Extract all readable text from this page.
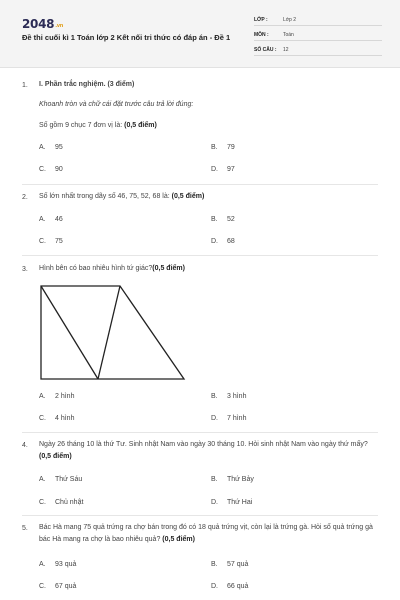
2048.vn
Đề thi cuối kì 1 Toán lớp 2 Kết nối tri thức có đáp án - Đề 1
LỚP :	Lớp 2
MÔN :	Toán
SỐ CÂU : 12
1. I. Phần trắc nghiệm. (3 điểm)
Khoanh tròn và chữ cái đặt trước câu trả lời đúng:
Số gồm 9 chục 7 đơn vị là: (0,5 điểm)
A. 95	B. 79
C. 90	D. 97
2. Số lớn nhất trong dãy số 46, 75, 52, 68 là: (0,5 điểm)
A. 46	B. 52
C. 75	D. 68
3. Hình bên có bao nhiêu hình tứ giác?(0,5 điểm)
A. 2 hình	B. 3 hình
C. 4 hình	D. 7 hình
4. Ngày 26 tháng 10 là thứ Tư. Sinh nhật Nam vào ngày 30 tháng 10. Hỏi sinh nhật Nam vào ngày thứ mấy? (0,5 điểm)
A. Thứ Sáu	B. Thứ Bảy
C. Chủ nhật	D. Thứ Hai
5. Bác Hà mang 75 quả trứng ra chợ bán trong đó có 18 quả trứng vịt, còn lại là trứng gà. Hỏi số quả trứng gà bác Hà mang ra chợ là bao nhiêu quả? (0,5 điểm)
A. 93 quả	B. 57 quả
C. 67 quả	D. 66 quả
